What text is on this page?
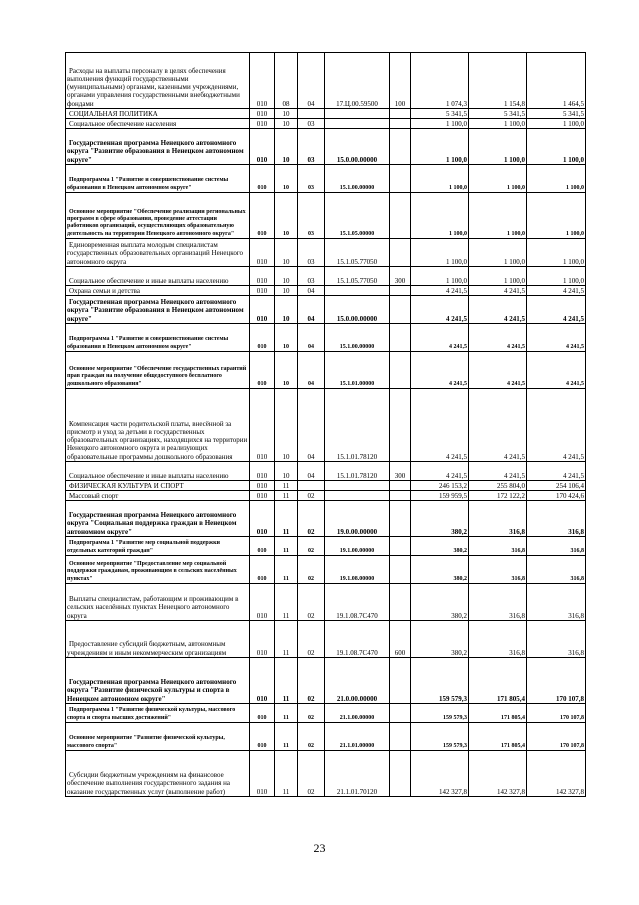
Расходы на выплаты персоналу в целях обеспечения выполнения функций государственными (муниципальными) органами, казенными учреждениями, органами управления государственными внебюджетными фондами	010	08	04	17.Ц.00.59500	100	1 074,3	1 154,8	1 464,5
СОЦИАЛЬНАЯ ПОЛИТИКА	010	10				5 341,5	5 341,5	5 341,5
Социальное обеспечение населения	010	10	03			1 100,0	1 100,0	1 100,0
Государственная программа Ненецкого автономного округа "Развитие образования в Ненецком автономном округе"	010	10	03	15.0.00.00000		1 100,0	1 100,0	1 100,0
Подпрограмма 1 "Развитие и совершенствование системы образования в Ненецком автономном округе"	010	10	03	15.1.00.00000		1 100,0	1 100,0	1 100,0
Основное мероприятие "Обеспечение реализации региональных программ в сфере образования, проведение аттестации работников организаций, осуществляющих образовательную деятельность на территории Ненецкого автономного округа"	010	10	03	15.1.05.00000		1 100,0	1 100,0	1 100,0
Единовременная выплата молодым специалистам государственных образовательных организаций Ненецкого автономного округа	010	10	03	15.1.05.77050		1 100,0	1 100,0	1 100,0
Социальное обеспечение и иные выплаты населению	010	10	03	15.1.05.77050	300	1 100,0	1 100,0	1 100,0
Охрана семьи и детства	010	10	04			4 241,5	4 241,5	4 241,5
Государственная программа Ненецкого автономного округа "Развитие образования в Ненецком автономном округе"	010	10	04	15.0.00.00000		4 241,5	4 241,5	4 241,5
Подпрограмма 1 "Развитие и совершенствование системы образования в Ненецком автономном округе"	010	10	04	15.1.00.00000		4 241,5	4 241,5	4 241,5
Основное мероприятие "Обеспечение государственных гарантий прав граждан на получение общедоступного бесплатного дошкольного образования"	010	10	04	15.1.01.00000		4 241,5	4 241,5	4 241,5
Компенсация части родительской платы, внесённой за присмотр и уход за детьми в государственных образовательных организациях, находящихся на территории Ненецкого автономного округа и реализующих образовательные программы дошкольного образования	010	10	04	15.1.01.78120		4 241,5	4 241,5	4 241,5
Социальное обеспечение и иные выплаты населению	010	10	04	15.1.01.78120	300	4 241,5	4 241,5	4 241,5
ФИЗИЧЕСКАЯ КУЛЬТУРА И СПОРТ	010	11				246 153,2	255 804,0	254 106,4
Массовый спорт	010	11	02			159 959,5	172 122,2	170 424,6
Государственная программа Ненецкого автономного округа "Социальная поддержка граждан в Ненецком автономном округе"	010	11	02	19.0.00.00000		380,2	316,8	316,8
Подпрограмма 1 "Развитие мер социальной поддержки отдельных категорий граждан"	010	11	02	19.1.00.00000		380,2	316,8	316,8
Основное мероприятие "Предоставление мер социальной поддержки гражданам, проживающим в сельских населённых пунктах"	010	11	02	19.1.08.00000		380,2	316,8	316,8
Выплаты специалистам, работающим и проживающим в сельских населённых пунктах Ненецкого автономного округа	010	11	02	19.1.08.7С470		380,2	316,8	316,8
Предоставление субсидий бюджетным, автономным учреждениям и иным некоммерческим организациям	010	11	02	19.1.08.7С470	600	380,2	316,8	316,8
Государственная программа Ненецкого автономного округа "Развитие физической культуры и спорта в Ненецком автономном округе"	010	11	02	21.0.00.00000		159 579,3	171 805,4	170 107,8
Подпрограмма 1 "Развитие физической культуры, массового спорта и спорта высших достижений"	010	11	02	21.1.00.00000		159 579,3	171 805,4	170 107,8
Основное мероприятие "Развитие физической культуры, массового спорта"	010	11	02	21.1.01.00000		159 579,3	171 805,4	170 107,8
Субсидии бюджетным учреждениям на финансовое обеспечение выполнения государственного задания на оказание государственных услуг (выполнение работ)	010	11	02	21.1.01.70120		142 327,8	142 327,8	142 327,8
23
